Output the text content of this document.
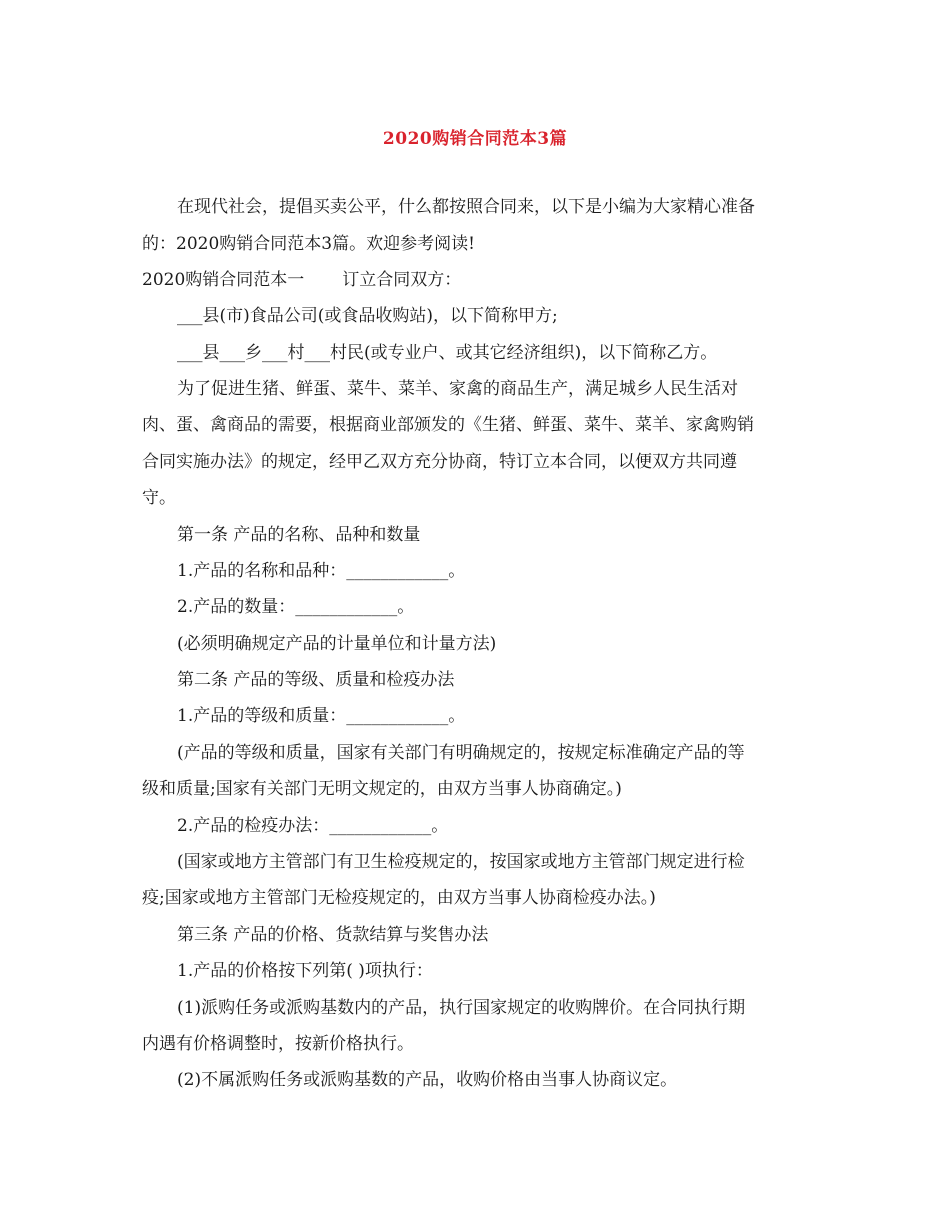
2020购销合同范本3篇
在现代社会，提倡买卖公平，什么都按照合同来，以下是小编为大家精心准备
的：2020购销合同范本3篇。欢迎参考阅读!
2020购销合同范本一 订立合同双方：
___县(市)食品公司(或食品收购站)，以下简称甲方;
___县___乡___村___村民(或专业户、或其它经济组织)，以下简称乙方。
为了促进生猪、鲜蛋、菜牛、菜羊、家禽的商品生产，满足城乡人民生活对
肉、蛋、禽商品的需要，根据商业部颁发的《生猪、鲜蛋、菜牛、菜羊、家禽购销
合同实施办法》的规定，经甲乙双方充分协商，特订立本合同，以便双方共同遵
守。
第一条 产品的名称、品种和数量
1.产品的名称和品种：____________。
2.产品的数量：____________。
(必须明确规定产品的计量单位和计量方法)
第二条 产品的等级、质量和检疫办法
1.产品的等级和质量：____________。
(产品的等级和质量，国家有关部门有明确规定的，按规定标准确定产品的等
级和质量;国家有关部门无明文规定的，由双方当事人协商确定。)
2.产品的检疫办法：____________。
(国家或地方主管部门有卫生检疫规定的，按国家或地方主管部门规定进行检
疫;国家或地方主管部门无检疫规定的，由双方当事人协商检疫办法。)
第三条 产品的价格、货款结算与奖售办法
1.产品的价格按下列第( )项执行：
(1)派购任务或派购基数内的产品，执行国家规定的收购牌价。在合同执行期
内遇有价格调整时，按新价格执行。
(2)不属派购任务或派购基数的产品，收购价格由当事人协商议定。
